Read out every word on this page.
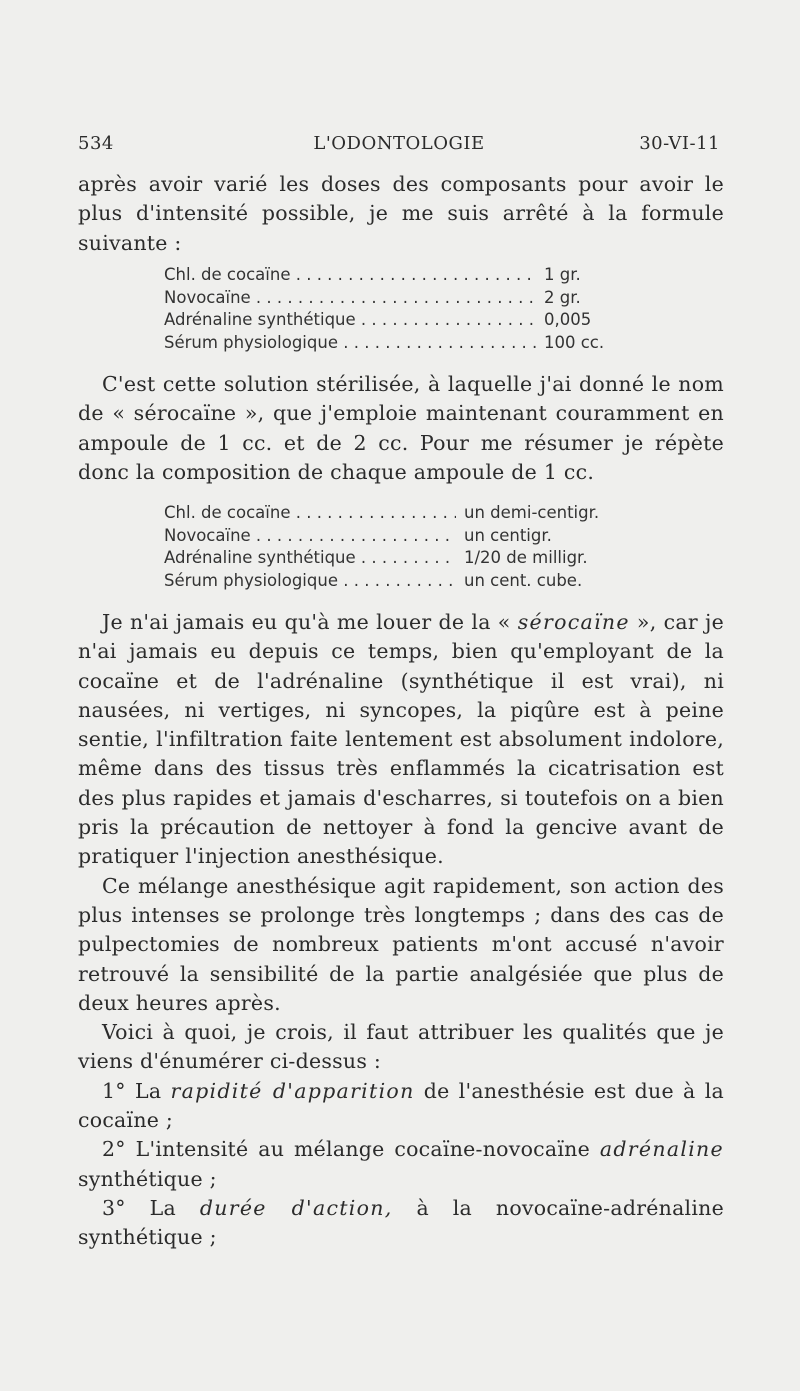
534	L'ODONTOLOGIE	30-VI-11

après avoir varié les doses des composants pour avoir le plus d'intensité possible, je me suis arrêté à la formule suivante :

Chl. de cocaïne . . .	1 gr.
Novocaïne . . .	2 gr.
Adrénaline synthétique . . .	0,005
Sérum physiologique . . .	100 cc.

C'est cette solution stérilisée, à laquelle j'ai donné le nom de « sérocaïne », que j'emploie maintenant couramment en ampoule de 1 cc. et de 2 cc. Pour me résumer je répète donc la composition de chaque ampoule de 1 cc.

Chl. de cocaïne . . .	un demi-centigr.
Novocaïne . . .	un centigr.
Adrénaline synthétique . . .	1/20 de milligr.
Sérum physiologique . . .	un cent. cube.

Je n'ai jamais eu qu'à me louer de la « sérocaïne », car je n'ai jamais eu depuis ce temps, bien qu'employant de la cocaïne et de l'adrénaline (synthétique il est vrai), ni nausées, ni vertiges, ni syncopes, la piqûre est à peine sentie, l'infiltration faite lentement est absolument indolore, même dans des tissus très enflammés la cicatrisation est des plus rapides et jamais d'escharres, si toutefois on a bien pris la précaution de nettoyer à fond la gencive avant de pratiquer l'injection anesthésique.

Ce mélange anesthésique agit rapidement, son action des plus intenses se prolonge très longtemps ; dans des cas de pulpectomies de nombreux patients m'ont accusé n'avoir retrouvé la sensibilité de la partie analgésiée que plus de deux heures après.

Voici à quoi, je crois, il faut attribuer les qualités que je viens d'énumérer ci-dessus :

1° La rapidité d'apparition de l'anesthésie est due à la cocaïne ;

2° L'intensité au mélange cocaïne-novocaïne adrénaline synthétique ;

3° La durée d'action, à la novocaïne-adrénaline synthétique ;
